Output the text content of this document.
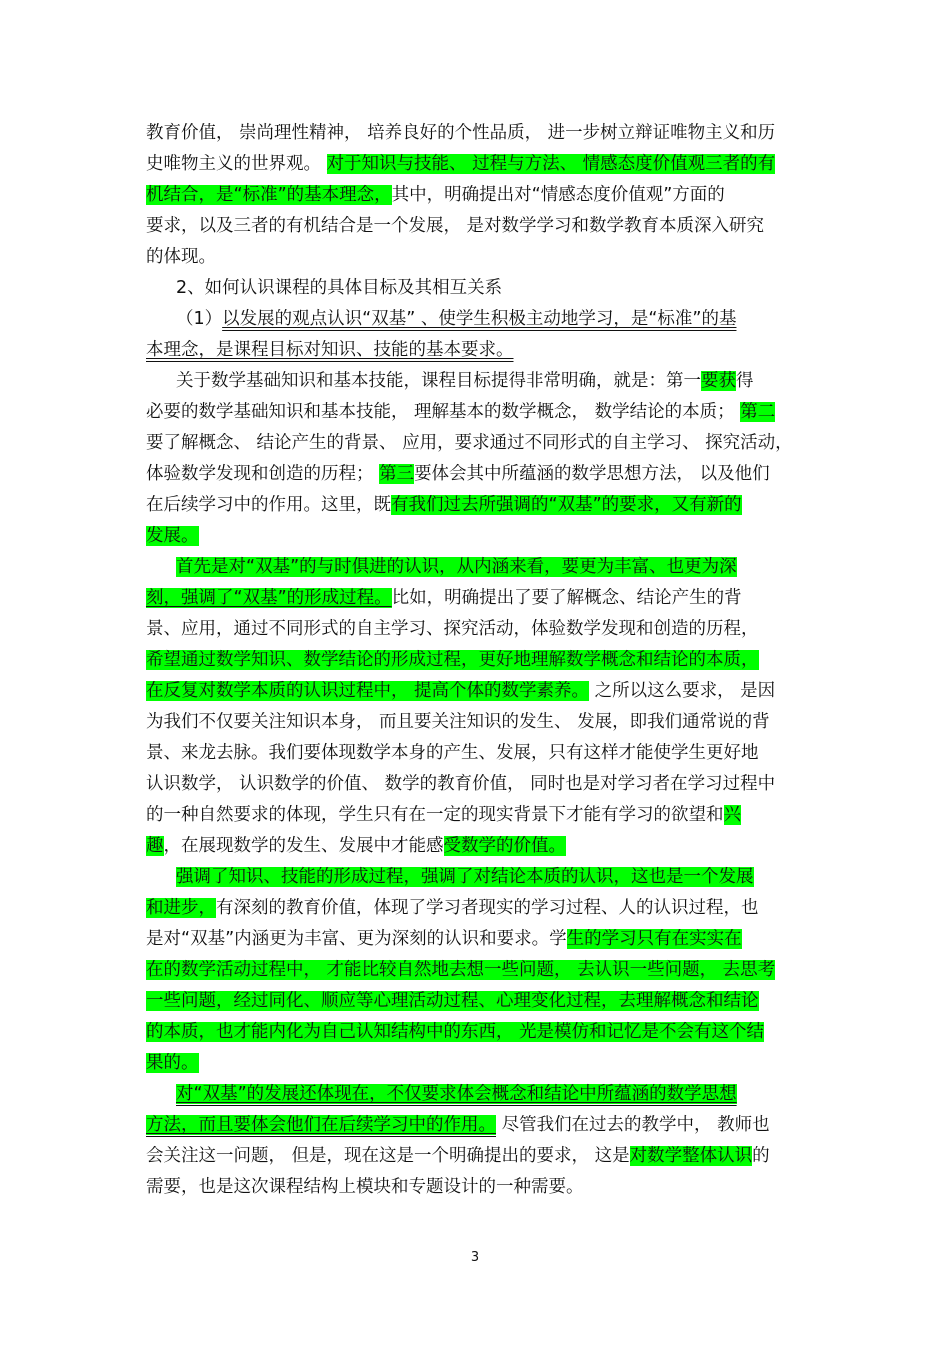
教育价值， 崇尚理性精神， 培养良好的个性品质， 进一步树立辩证唯物主义和历
史唯物主义的世界观。 对于知识与技能、 过程与方法、 情感态度价值观三者的有
机结合，是“标准”的基本理念，其中，明确提出对“情感态度价值观”方面的
要求，以及三者的有机结合是一个发展， 是对数学学习和数学教育本质深入研究
的体现。
2、如何认识课程的具体目标及其相互关系
（1）以发展的观点认识“双基” 、使学生积极主动地学习，是“标准”的基
本理念，是课程目标对知识、技能的基本要求。
关于数学基础知识和基本技能，课程目标提得非常明确，就是：第一要获得
必要的数学基础知识和基本技能， 理解基本的数学概念， 数学结论的本质； 第二
要了解概念、 结论产生的背景、 应用，要求通过不同形式的自主学习、 探究活动，
体验数学发现和创造的历程； 第三要体会其中所蕴涵的数学思想方法， 以及他们
在后续学习中的作用。这里，既有我们过去所强调的“双基”的要求，又有新的
发展。
首先是对“双基”的与时俱进的认识，从内涵来看，要更为丰富、也更为深
刻，强调了“双基”的形成过程。比如，明确提出了要了解概念、结论产生的背
景、应用，通过不同形式的自主学习、探究活动，体验数学发现和创造的历程，
希望通过数学知识、数学结论的形成过程，更好地理解数学概念和结论的本质，
在反复对数学本质的认识过程中， 提高个体的数学素养。 之所以这么要求， 是因
为我们不仅要关注知识本身， 而且要关注知识的发生、 发展，即我们通常说的背
景、来龙去脉。我们要体现数学本身的产生、发展，只有这样才能使学生更好地
认识数学， 认识数学的价值、 数学的教育价值， 同时也是对学习者在学习过程中
的一种自然要求的体现，学生只有在一定的现实背景下才能有学习的欲望和兴
趣，在展现数学的发生、发展中才能感受数学的价值。
强调了知识、技能的形成过程，强调了对结论本质的认识，这也是一个发展
和进步，有深刻的教育价值，体现了学习者现实的学习过程、人的认识过程，也
是对“双基”内涵更为丰富、更为深刻的认识和要求。学生的学习只有在实实在
在的数学活动过程中， 才能比较自然地去想一些问题， 去认识一些问题， 去思考
一些问题，经过同化、顺应等心理活动过程、心理变化过程，去理解概念和结论
的本质，也才能内化为自己认知结构中的东西， 光是模仿和记忆是不会有这个结
果的。
对“双基”的发展还体现在，不仅要求体会概念和结论中所蕴涵的数学思想
方法，而且要体会他们在后续学习中的作用。 尽管我们在过去的教学中， 教师也
会关注这一问题， 但是，现在这是一个明确提出的要求， 这是对数学整体认识的
需要，也是这次课程结构上模块和专题设计的一种需要。
3
